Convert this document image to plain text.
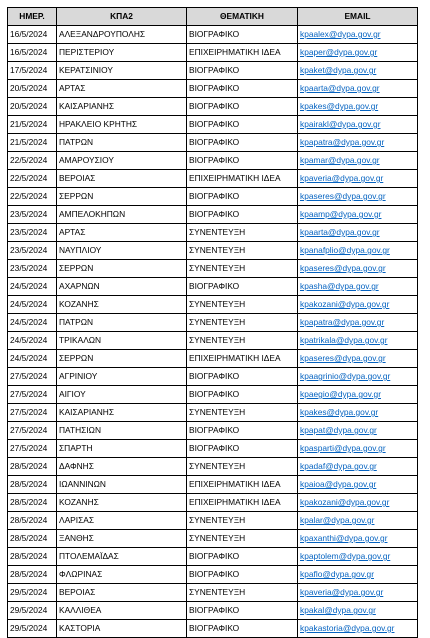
ΗΜΕΡ.	ΚΠΑ2	ΘΕΜΑΤΙΚΗ	EMAIL
16/5/2024	ΑΛΕΞΑΝΔΡΟΥΠΟΛΗΣ	ΒΙΟΓΡΑΦΙΚΟ	kpaalex@dypa.gov.gr
16/5/2024	ΠΕΡΙΣΤΕΡΙΟΥ	ΕΠΙΧΕΙΡΗΜΑΤΙΚΗ ΙΔΕΑ	kpaper@dypa.gov.gr
17/5/2024	ΚΕΡΑΤΣΙΝΙΟΥ	ΒΙΟΓΡΑΦΙΚΟ	kpaket@dypa.gov.gr
20/5/2024	ΑΡΤΑΣ	ΒΙΟΓΡΑΦΙΚΟ	kpaarta@dypa.gov.gr
20/5/2024	ΚΑΙΣΑΡΙΑΝΗΣ	ΒΙΟΓΡΑΦΙΚΟ	kpakes@dypa.gov.gr
21/5/2024	ΗΡΑΚΛΕΙΟ ΚΡΗΤΗΣ	ΒΙΟΓΡΑΦΙΚΟ	kpairakl@dypa.gov.gr
21/5/2024	ΠΑΤΡΩΝ	ΒΙΟΓΡΑΦΙΚΟ	kpapatra@dypa.gov.gr
22/5/2024	ΑΜΑΡΟΥΣΙΟΥ	ΒΙΟΓΡΑΦΙΚΟ	kpamar@dypa.gov.gr
22/5/2024	ΒΕΡΟΙΑΣ	ΕΠΙΧΕΙΡΗΜΑΤΙΚΗ ΙΔΕΑ	kpaveria@dypa.gov.gr
22/5/2024	ΣΕΡΡΩΝ	ΒΙΟΓΡΑΦΙΚΟ	kpaseres@dypa.gov.gr
23/5/2024	ΑΜΠΕΛΟΚΗΠΩΝ	ΒΙΟΓΡΑΦΙΚΟ	kpaamp@dypa.gov.gr
23/5/2024	ΑΡΤΑΣ	ΣΥΝΕΝΤΕΥΞΗ	kpaarta@dypa.gov.gr
23/5/2024	ΝΑΥΠΛΙΟΥ	ΣΥΝΕΝΤΕΥΞΗ	kpanafplio@dypa.gov.gr
23/5/2024	ΣΕΡΡΩΝ	ΣΥΝΕΝΤΕΥΞΗ	kpaseres@dypa.gov.gr
24/5/2024	ΑΧΑΡΝΩΝ	ΒΙΟΓΡΑΦΙΚΟ	kpasha@dypa.gov.gr
24/5/2024	ΚΟΖΑΝΗΣ	ΣΥΝΕΝΤΕΥΞΗ	kpakozani@dypa.gov.gr
24/5/2024	ΠΑΤΡΩΝ	ΣΥΝΕΝΤΕΥΞΗ	kpapatra@dypa.gov.gr
24/5/2024	ΤΡΙΚΑΛΩΝ	ΣΥΝΕΝΤΕΥΞΗ	kpatrikala@dypa.gov.gr
24/5/2024	ΣΕΡΡΩΝ	ΕΠΙΧΕΙΡΗΜΑΤΙΚΗ ΙΔΕΑ	kpaseres@dypa.gov.gr
27/5/2024	ΑΓΡΙΝΙΟΥ	ΒΙΟΓΡΑΦΙΚΟ	kpaagrinio@dypa.gov.gr
27/5/2024	ΑΙΓΙΟΥ	ΒΙΟΓΡΑΦΙΚΟ	kpaegio@dypa.gov.gr
27/5/2024	ΚΑΙΣΑΡΙΑΝΗΣ	ΣΥΝΕΝΤΕΥΞΗ	kpakes@dypa.gov.gr
27/5/2024	ΠΑΤΗΣΙΩΝ	ΒΙΟΓΡΑΦΙΚΟ	kpapat@dypa.gov.gr
27/5/2024	ΣΠΑΡΤΗ	ΒΙΟΓΡΑΦΙΚΟ	kpasparti@dypa.gov.gr
28/5/2024	ΔΑΦΝΗΣ	ΣΥΝΕΝΤΕΥΞΗ	kpadaf@dypa.gov.gr
28/5/2024	ΙΩΑΝΝΙΝΩΝ	ΕΠΙΧΕΙΡΗΜΑΤΙΚΗ ΙΔΕΑ	kpaioa@dypa.gov.gr
28/5/2024	ΚΟΖΑΝΗΣ	ΕΠΙΧΕΙΡΗΜΑΤΙΚΗ ΙΔΕΑ	kpakozani@dypa.gov.gr
28/5/2024	ΛΑΡΙΣΑΣ	ΣΥΝΕΝΤΕΥΞΗ	kpalar@dypa.gov.gr
28/5/2024	ΞΑΝΘΗΣ	ΣΥΝΕΝΤΕΥΞΗ	kpaxanthi@dypa.gov.gr
28/5/2024	ΠΤΟΛΕΜΑΪΔΑΣ	ΒΙΟΓΡΑΦΙΚΟ	kpaptolem@dypa.gov.gr
28/5/2024	ΦΛΩΡΙΝΑΣ	ΒΙΟΓΡΑΦΙΚΟ	kpaflo@dypa.gov.gr
29/5/2024	ΒΕΡΟΙΑΣ	ΣΥΝΕΝΤΕΥΞΗ	kpaveria@dypa.gov.gr
29/5/2024	ΚΑΛΛΙΘΕΑ	ΒΙΟΓΡΑΦΙΚΟ	kpakal@dypa.gov.gr
29/5/2024	ΚΑΣΤΟΡΙΑ	ΒΙΟΓΡΑΦΙΚΟ	kpakastoria@dypa.gov.gr
